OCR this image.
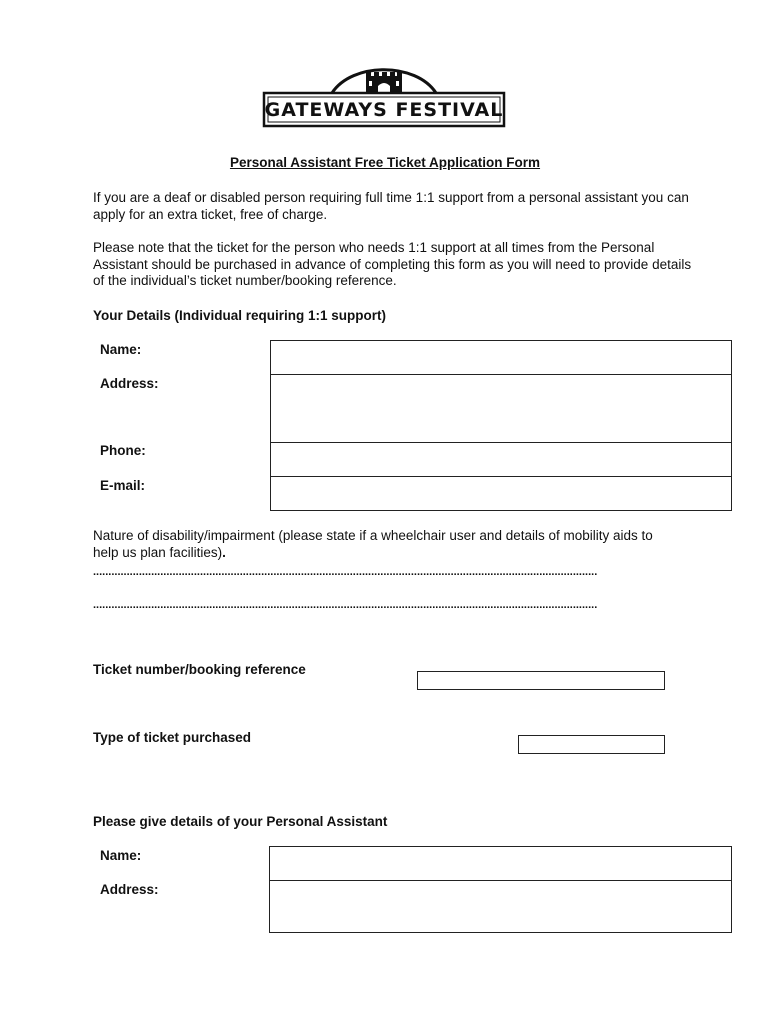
GATEWAYS FESTIVAL
Personal Assistant Free Ticket Application Form
If you are a deaf or disabled person requiring full time 1:1 support from a personal assistant you can apply for an extra ticket, free of charge.
Please note that the ticket for the person who needs 1:1 support at all times from the Personal Assistant should be purchased in advance of completing this form as you will need to provide details of the individual’s ticket number/booking reference.
Your Details (Individual requiring 1:1 support)
Name:
Address:
Phone:
E-mail:
Nature of disability/impairment (please state if a wheelchair user and details of mobility aids to help us plan facilities).
.....................................................................................................................................................................
.....................................................................................................................................................................
Ticket number/booking reference
Type of ticket purchased
Please give details of your Personal Assistant
Name:
Address:
